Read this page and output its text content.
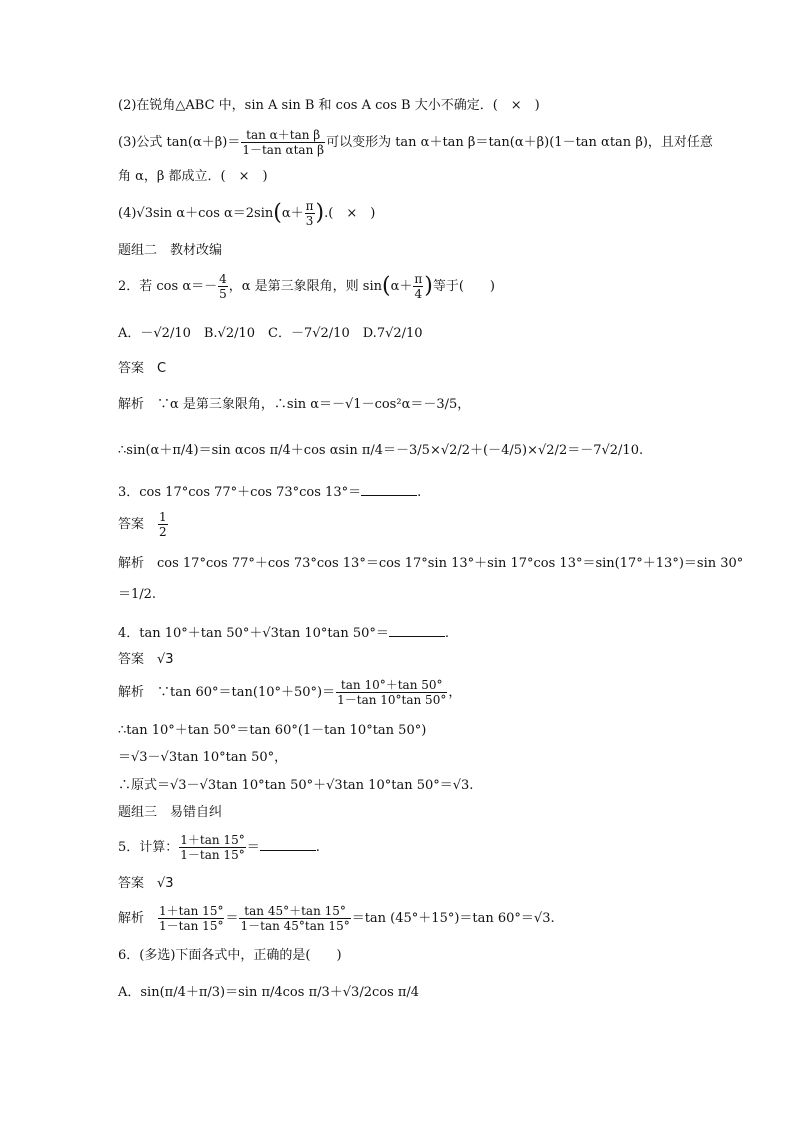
(2)在锐角△ABC 中，sin A sin B 和 cos A cos B 大小不确定．(　×　)
(3)公式 $\tan(\alpha+\beta)= \frac{\text{tan α＋tan β}}{\text{1－tan αtan β}}$ 可以变形为 tan α＋tan β＝tan(α＋β)(1－tan αtan β)，且对任意
角 α，β 都成立．(　×　)
(4)√3sin α＋cos $\alpha=2\sin(\alpha+ \frac{\pi}{3}$ ).(　×　)
题组二　教材改编
2．若 $\cos \alpha=- \frac{4}{5}$ ，α 是第三象限角，则 $\sin(\alpha+ \frac{\pi}{4}$ )等于(　　)
A．－√2/10　B.√2/10　C．－7√2/10　D.7√2/10
答案　C
解析　∵α 是第三象限角，∴sin α＝－√1－cos²α＝－3/5，
∴sin(α＋π/4)＝sin αcos π/4＋cos αsin π/4＝－3/5×√2/2＋(－4/5)×√2/2＝－7√2/10.
3．cos 17°cos 77°＋cos 73°cos 13°＝	.
答案　 $\frac{1}{2}$
解析　cos 17°cos 77°＋cos 73°cos 13°＝cos 17°sin 13°＋sin 17°cos 13°＝sin(17°＋13°)＝sin 30°
＝1/2.
4．tan 10°＋tan 50°＋√3tan 10°tan 50°＝	.
答案　√3
解析　∵tan $60^\circ=\tan(10^\circ+50^\circ)= \frac{\tan 10^\circ+\tan 50^\circ}{1-\tan 10^\circ\tan 50^\circ}$ ，
∴tan 10°＋tan 50°＝tan 60°(1－tan 10°tan 50°)
＝√3－√3tan 10°tan 50°，
∴原式＝√3－√3tan 10°tan 50°＋√3tan 10°tan 50°＝√3.
题组三　易错自纠
5．计算： $\frac{1+\tan 15^\circ}{1-\tan 15^\circ}$ ＝	.
答案　√3
解析　 $\frac{1+\tan 15^\circ}{1-\tan 15^\circ} = \frac{\tan 45^\circ+\tan 15^\circ}{1-\tan 45^\circ\tan 15^\circ} =\tan$ (45°＋15°)＝tan 60°＝√3.
6．(多选)下面各式中，正确的是(　　)
A．sin(π/4＋π/3)＝sin π/4cos π/3＋√3/2cos π/4
